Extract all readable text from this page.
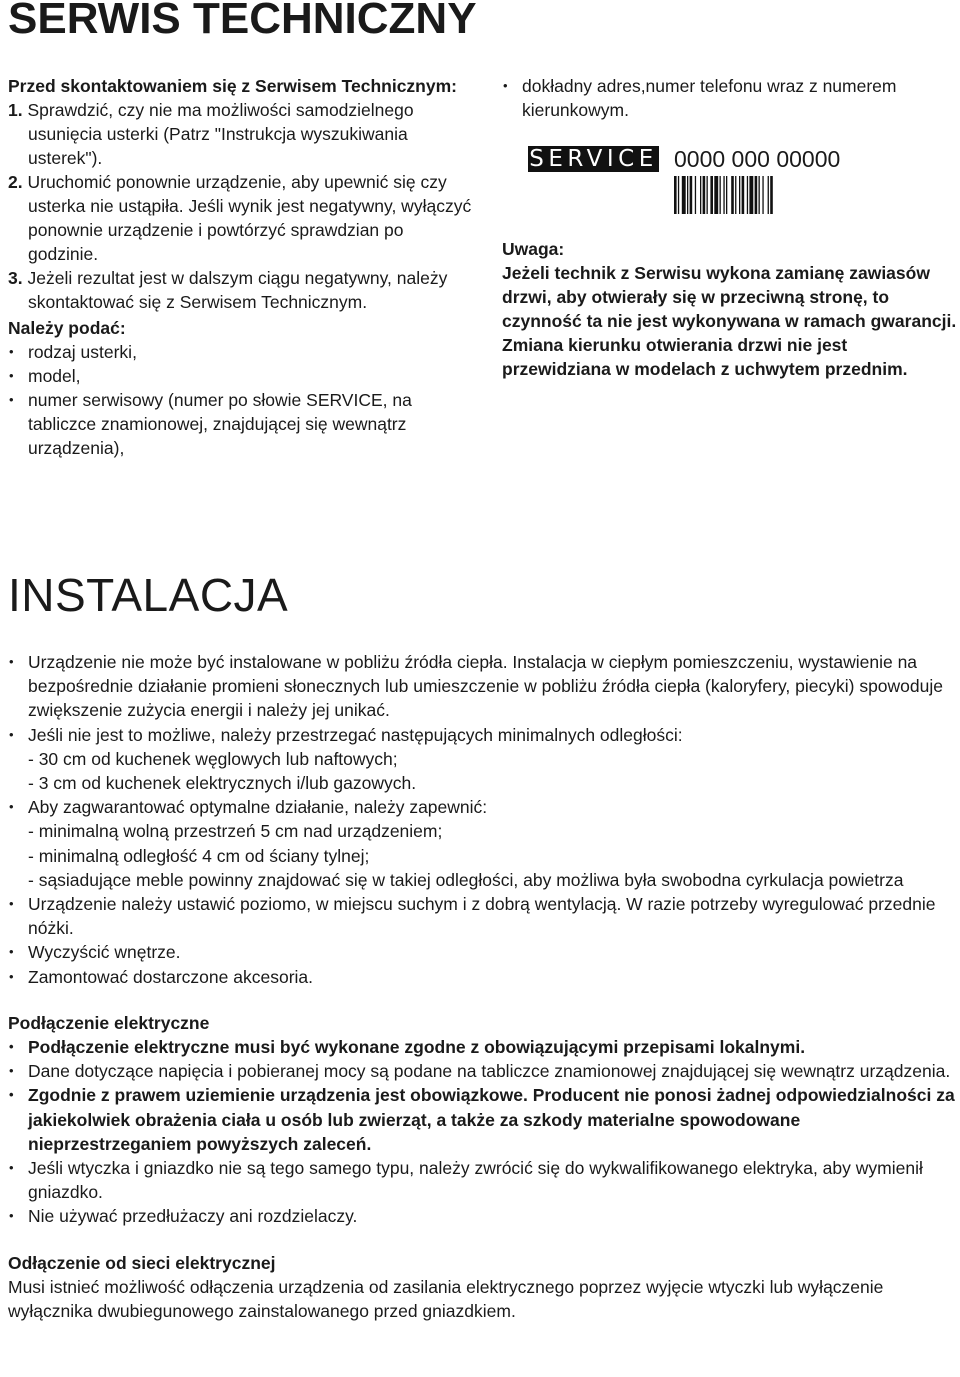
SERWIS TECHNICZNY

Przed skontaktowaniem się z Serwisem Technicznym:

1. Sprawdzić, czy nie ma możliwości samodzielnego usunięcia usterki (Patrz "Instrukcja wyszukiwania usterek").
2. Uruchomić ponownie urządzenie, aby upewnić się czy usterka nie ustąpiła. Jeśli wynik jest negatywny, wyłączyć ponownie urządzenie i powtórzyć sprawdzian po godzinie.
3. Jeżeli rezultat jest w dalszym ciągu negatywny, należy skontaktować się z Serwisem Technicznym.

Należy podać:

• rodzaj usterki,
• model,
• numer serwisowy (numer po słowie SERVICE, na tabliczce znamionowej, znajdującej się wewnątrz urządzenia),
• dokładny adres,numer telefonu wraz z numerem kierunkowym.
SERVICE 0000 000 00000

Uwaga:

Jeżeli technik z Serwisu wykona zamianę zawiasów drzwi, aby otwierały się w przeciwną stronę, to czynność ta nie jest wykonywana w ramach gwarancji.

Zmiana kierunku otwierania drzwi nie jest przewidziana w modelach z uchwytem przednim.

INSTALACJA
• Urządzenie nie może być instalowane w pobliżu źródła ciepła. Instalacja w ciepłym pomieszczeniu, wystawienie na bezpośrednie działanie promieni słonecznych lub umieszczenie w pobliżu źródła ciepła (kaloryfery, piecyki) spowoduje zwiększenie zużycia energii i należy jej unikać.
• Jeśli nie jest to możliwe, należy przestrzegać następujących minimalnych odległości:
- 30 cm od kuchenek węglowych lub naftowych;
- 3 cm od kuchenek elektrycznych i/lub gazowych.
• Aby zagwarantować optymalne działanie, należy zapewnić:
- minimalną wolną przestrzeń 5 cm nad urządzeniem;
- minimalną odległość 4 cm od ściany tylnej;
- sąsiadujące meble powinny znajdować się w takiej odległości, aby możliwa była swobodna cyrkulacja powietrza
• Urządzenie należy ustawić poziomo, w miejscu suchym i z dobrą wentylacją. W razie potrzeby wyregulować przednie nóżki.
• Wyczyścić wnętrze.
• Zamontować dostarczone akcesoria.

Podłączenie elektryczne

• Podłączenie elektryczne musi być wykonane zgodne z obowiązującymi przepisami lokalnymi.
• Dane dotyczące napięcia i pobieranej mocy są podane na tabliczce znamionowej znajdującej się wewnątrz urządzenia.
• Zgodnie z prawem uziemienie urządzenia jest obowiązkowe. Producent nie ponosi żadnej odpowiedzialności za jakiekolwiek obrażenia ciała u osób lub zwierząt, a także za szkody materialne spowodowane nieprzestrzeganiem powyższych zaleceń.
• Jeśli wtyczka i gniazdko nie są tego samego typu, należy zwrócić się do wykwalifikowanego elektryka, aby wymienił gniazdko.
• Nie używać przedłużaczy ani rozdzielaczy.

Odłączenie od sieci elektrycznej

Musi istnieć możliwość odłączenia urządzenia od zasilania elektrycznego poprzez wyjęcie wtyczki lub wyłączenie wyłącznika dwubiegunowego zainstalowanego przed gniazdkiem.
